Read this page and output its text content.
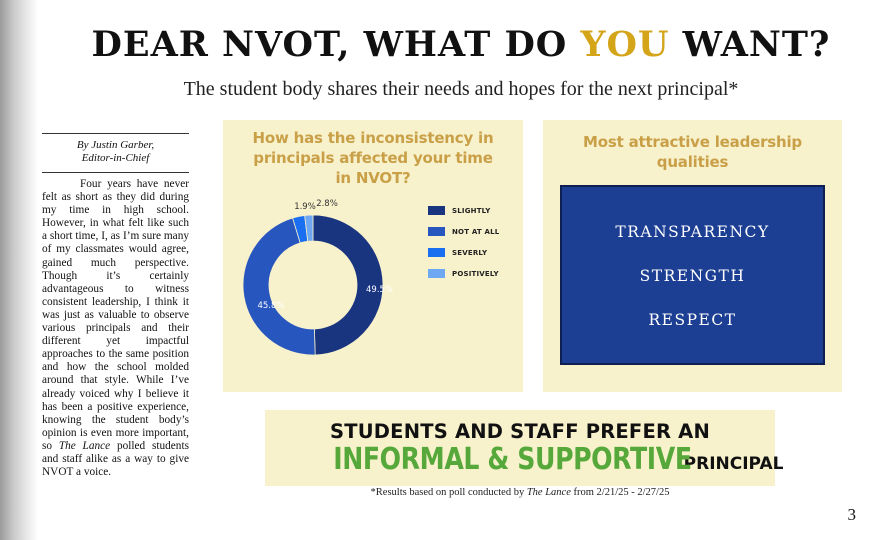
DEAR NVOT, WHAT DO YOU WANT?

The student body shares their needs and hopes for the next principal*

By Justin Garber,
Editor-in-Chief

Four years have never felt as short as they did during my time in high school. However, in what felt like such a short time, I, as I’m sure many of my classmates would agree, gained much perspective. Though it’s certainly advantageous to witness consistent leadership, I think it was just as valuable to observe various principals and their different yet impactful approaches to the same position and how the school molded around that style. While I’ve already voiced why I believe it has been a positive experience, knowing the student body’s opinion is even more important, so The Lance polled students and staff alike as a way to give NVOT a voice.

How has the inconsistency in principals affected your time in NVOT?
49.5%
45.8%
2.8%
1.9%	SLIGHTLY
NOT AT ALL
SEVERLY
POSITIVELY
Most attractive leadership qualities
TRANSPARENCY
STRENGTH
RESPECT
STUDENTS AND STAFF PREFER AN
INFORMAL & SUPPORTIVE PRINCIPAL
*Results based on poll conducted by The Lance from 2/21/25 - 2/27/25
3
